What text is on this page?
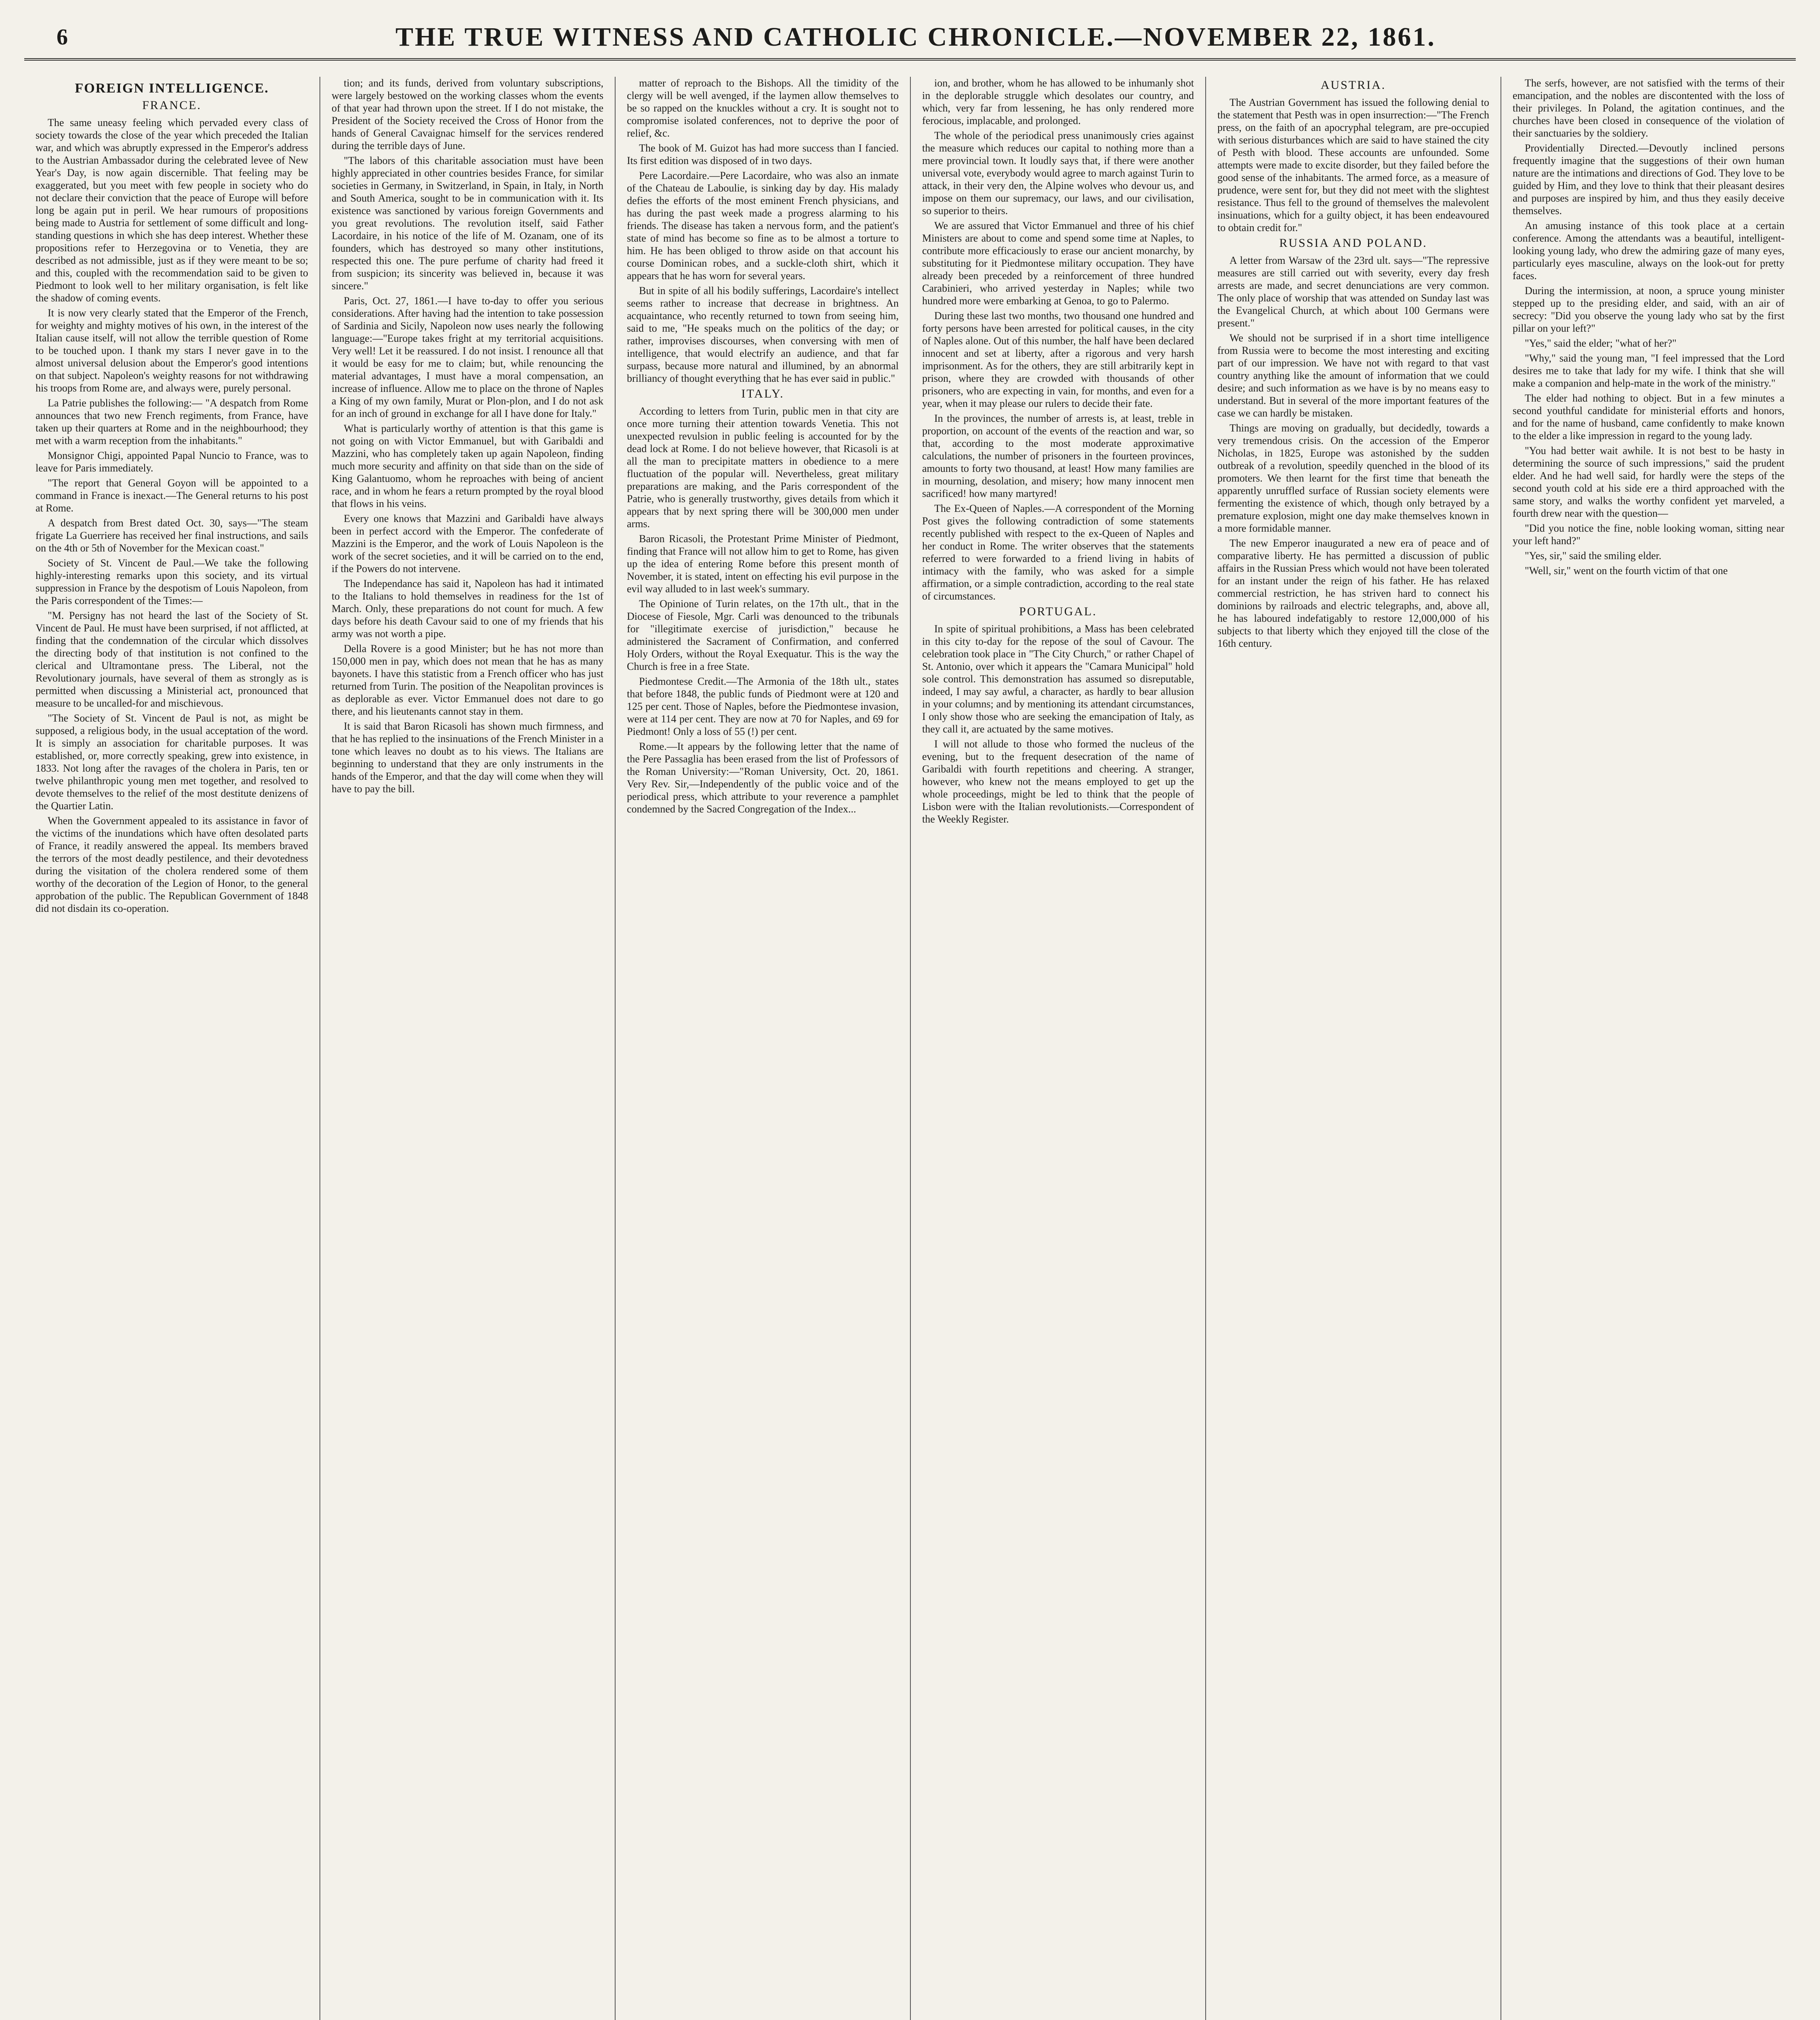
6	THE TRUE WITNESS AND CATHOLIC CHRONICLE.—NOVEMBER 22, 1861.
FOREIGN INTELLIGENCE.
FRANCE.

The same uneasy feeling which pervaded every class of society towards the close of the year which preceded the Italian war, and which was abruptly expressed in the Emperor's address to the Austrian Ambassador during the celebrated levee of New Year's Day, is now again discernible. That feeling may be exaggerated, but you meet with few people in society who do not declare their conviction that the peace of Europe will before long be again put in peril. We hear rumours of propositions being made to Austria for settlement of some difficult and long-standing questions in which she has deep interest. Whether these propositions refer to Herzegovina or to Venetia, they are described as not admissible, just as if they were meant to be so; and this, coupled with the recommendation said to be given to Piedmont to look well to her military organisation, is felt like the shadow of coming events.

It is now very clearly stated that the Emperor of the French, for weighty and mighty motives of his own, in the interest of the Italian cause itself, will not allow the terrible question of Rome to be touched upon. I thank my stars I never gave in to the almost universal delusion about the Emperor's good intentions on that subject. Napoleon's weighty reasons for not withdrawing his troops from Rome are, and always were, purely personal.

La Patrie publishes the following:— "A despatch from Rome announces that two new French regiments, from France, have taken up their quarters at Rome and in the neighbourhood; they met with a warm reception from the inhabitants."

Monsignor Chigi, appointed Papal Nuncio to France, was to leave for Paris immediately.

"The report that General Goyon will be appointed to a command in France is inexact.—The General returns to his post at Rome.

A despatch from Brest dated Oct. 30, says—"The steam frigate La Guerriere has received her final instructions, and sails on the 4th or 5th of November for the Mexican coast."

Society of St. Vincent de Paul.—We take the following highly-interesting remarks upon this society, and its virtual suppression in France by the despotism of Louis Napoleon, from the Paris correspondent of the Times:—

"M. Persigny has not heard the last of the Society of St. Vincent de Paul. He must have been surprised, if not afflicted, at finding that the condemnation of the circular which dissolves the directing body of that institution is not confined to the clerical and Ultramontane press. The Liberal, not the Revolutionary journals, have several of them as strongly as is permitted when discussing a Ministerial act, pronounced that measure to be uncalled-for and mischievous.

"The Society of St. Vincent de Paul is not, as might be supposed, a religious body, in the usual acceptation of the word. It is simply an association for charitable purposes. It was established, or, more correctly speaking, grew into existence, in 1833. Not long after the ravages of the cholera in Paris, ten or twelve philanthropic young men met together, and resolved to devote themselves to the relief of the most destitute denizens of the Quartier Latin.

When the Government appealed to its assistance in favor of the victims of the inundations which have often desolated parts of France, it readily answered the appeal. Its members braved the terrors of the most deadly pestilence, and their devotedness during the visitation of the cholera rendered some of them worthy of the decoration of the Legion of Honor, to the general approbation of the public. The Republican Government of 1848 did not disdain its co-operation.

tion; and its funds, derived from voluntary subscriptions, were largely bestowed on the working classes whom the events of that year had thrown upon the street. If I do not mistake, the President of the Society received the Cross of Honor from the hands of General Cavaignac himself for the services rendered during the terrible days of June.

"The labors of this charitable association must have been highly appreciated in other countries besides France, for similar societies in Germany, in Switzerland, in Spain, in Italy, in North and South America, sought to be in communication with it. Its existence was sanctioned by various foreign Governments and you great revolutions. The revolution itself, said Father Lacordaire, in his notice of the life of M. Ozanam, one of its founders, which has destroyed so many other institutions, respected this one. The pure perfume of charity had freed it from suspicion; its sincerity was believed in, because it was sincere."

Paris, Oct. 27, 1861.—I have to-day to offer you serious considerations. After having had the intention to take possession of Sardinia and Sicily, Napoleon now uses nearly the following language:—"Europe takes fright at my territorial acquisitions. Very well! Let it be reassured. I do not insist. I renounce all that it would be easy for me to claim; but, while renouncing the material advantages, I must have a moral compensation, an increase of influence. Allow me to place on the throne of Naples a King of my own family, Murat or Plon-plon, and I do not ask for an inch of ground in exchange for all I have done for Italy."

What is particularly worthy of attention is that this game is not going on with Victor Emmanuel, but with Garibaldi and Mazzini, who has completely taken up again Napoleon, finding much more security and affinity on that side than on the side of King Galantuomo, whom he reproaches with being of ancient race, and in whom he fears a return prompted by the royal blood that flows in his veins.

Every one knows that Mazzini and Garibaldi have always been in perfect accord with the Emperor. The confederate of Mazzini is the Emperor, and the work of Louis Napoleon is the work of the secret societies, and it will be carried on to the end, if the Powers do not intervene.

The Independance has said it, Napoleon has had it intimated to the Italians to hold themselves in readiness for the 1st of March. Only, these preparations do not count for much. A few days before his death Cavour said to one of my friends that his army was not worth a pipe.

Della Rovere is a good Minister; but he has not more than 150,000 men in pay, which does not mean that he has as many bayonets. I have this statistic from a French officer who has just returned from Turin. The position of the Neapolitan provinces is as deplorable as ever. Victor Emmanuel does not dare to go there, and his lieutenants cannot stay in them.

It is said that Baron Ricasoli has shown much firmness, and that he has replied to the insinuations of the French Minister in a tone which leaves no doubt as to his views. The Italians are beginning to understand that they are only instruments in the hands of the Emperor, and that the day will come when they will have to pay the bill.

matter of reproach to the Bishops. All the timidity of the clergy will be well avenged, if the laymen allow themselves to be so rapped on the knuckles without a cry. It is sought not to compromise isolated conferences, not to deprive the poor of relief, &c.

The book of M. Guizot has had more success than I fancied. Its first edition was disposed of in two days.

Pere Lacordaire.—Pere Lacordaire, who was also an inmate of the Chateau de Laboulie, is sinking day by day. His malady defies the efforts of the most eminent French physicians, and has during the past week made a progress alarming to his friends. The disease has taken a nervous form, and the patient's state of mind has become so fine as to be almost a torture to him. He has been obliged to throw aside on that account his course Dominican robes, and a suckle-cloth shirt, which it appears that he has worn for several years.

But in spite of all his bodily sufferings, Lacordaire's intellect seems rather to increase that decrease in brightness. An acquaintance, who recently returned to town from seeing him, said to me, "He speaks much on the politics of the day; or rather, improvises discourses, when conversing with men of intelligence, that would electrify an audience, and that far surpass, because more natural and illumined, by an abnormal brilliancy of thought everything that he has ever said in public."

ITALY.

According to letters from Turin, public men in that city are once more turning their attention towards Venetia. This not unexpected revulsion in public feeling is accounted for by the dead lock at Rome. I do not believe however, that Ricasoli is at all the man to precipitate matters in obedience to a mere fluctuation of the popular will. Nevertheless, great military preparations are making, and the Paris correspondent of the Patrie, who is generally trustworthy, gives details from which it appears that by next spring there will be 300,000 men under arms.

Baron Ricasoli, the Protestant Prime Minister of Piedmont, finding that France will not allow him to get to Rome, has given up the idea of entering Rome before this present month of November, it is stated, intent on effecting his evil purpose in the evil way alluded to in last week's summary.

The Opinione of Turin relates, on the 17th ult., that in the Diocese of Fiesole, Mgr. Carli was denounced to the tribunals for "illegitimate exercise of jurisdiction," because he administered the Sacrament of Confirmation, and conferred Holy Orders, without the Royal Exequatur. This is the way the Church is free in a free State.

Piedmontese Credit.—The Armonia of the 18th ult., states that before 1848, the public funds of Piedmont were at 120 and 125 per cent. Those of Naples, before the Piedmontese invasion, were at 114 per cent. They are now at 70 for Naples, and 69 for Piedmont! Only a loss of 55 (!) per cent.

Rome.—It appears by the following letter that the name of the Pere Passaglia has been erased from the list of Professors of the Roman University:—"Roman University, Oct. 20, 1861. Very Rev. Sir,—Independently of the public voice and of the periodical press, which attribute to your reverence a pamphlet condemned by the Sacred Congregation of the Index...

ion, and brother, whom he has allowed to be inhumanly shot in the deplorable struggle which desolates our country, and which, very far from lessening, he has only rendered more ferocious, implacable, and prolonged.

The whole of the periodical press unanimously cries against the measure which reduces our capital to nothing more than a mere provincial town. It loudly says that, if there were another universal vote, everybody would agree to march against Turin to attack, in their very den, the Alpine wolves who devour us, and impose on them our supremacy, our laws, and our civilisation, so superior to theirs.

We are assured that Victor Emmanuel and three of his chief Ministers are about to come and spend some time at Naples, to contribute more efficaciously to erase our ancient monarchy, by substituting for it Piedmontese military occupation. They have already been preceded by a reinforcement of three hundred Carabinieri, who arrived yesterday in Naples; while two hundred more were embarking at Genoa, to go to Palermo.

During these last two months, two thousand one hundred and forty persons have been arrested for political causes, in the city of Naples alone. Out of this number, the half have been declared innocent and set at liberty, after a rigorous and very harsh imprisonment. As for the others, they are still arbitrarily kept in prison, where they are crowded with thousands of other prisoners, who are expecting in vain, for months, and even for a year, when it may please our rulers to decide their fate.

In the provinces, the number of arrests is, at least, treble in proportion, on account of the events of the reaction and war, so that, according to the most moderate approximative calculations, the number of prisoners in the fourteen provinces, amounts to forty two thousand, at least! How many families are in mourning, desolation, and misery; how many innocent men sacrificed! how many martyred!

The Ex-Queen of Naples.—A correspondent of the Morning Post gives the following contradiction of some statements recently published with respect to the ex-Queen of Naples and her conduct in Rome. The writer observes that the statements referred to were forwarded to a friend living in habits of intimacy with the family, who was asked for a simple affirmation, or a simple contradiction, according to the real state of circumstances.

PORTUGAL.

In spite of spiritual prohibitions, a Mass has been celebrated in this city to-day for the repose of the soul of Cavour. The celebration took place in "The City Church," or rather Chapel of St. Antonio, over which it appears the "Camara Municipal" hold sole control. This demonstration has assumed so disreputable, indeed, I may say awful, a character, as hardly to bear allusion in your columns; and by mentioning its attendant circumstances, I only show those who are seeking the emancipation of Italy, as they call it, are actuated by the same motives.

I will not allude to those who formed the nucleus of the evening, but to the frequent desecration of the name of Garibaldi with fourth repetitions and cheering. A stranger, however, who knew not the means employed to get up the whole proceedings, might be led to think that the people of Lisbon were with the Italian revolutionists.—Correspondent of the Weekly Register.

AUSTRIA.

The Austrian Government has issued the following denial to the statement that Pesth was in open insurrection:—"The French press, on the faith of an apocryphal telegram, are pre-occupied with serious disturbances which are said to have stained the city of Pesth with blood. These accounts are unfounded. Some attempts were made to excite disorder, but they failed before the good sense of the inhabitants. The armed force, as a measure of prudence, were sent for, but they did not meet with the slightest resistance. Thus fell to the ground of themselves the malevolent insinuations, which for a guilty object, it has been endeavoured to obtain credit for."

RUSSIA AND POLAND.

A letter from Warsaw of the 23rd ult. says—"The repressive measures are still carried out with severity, every day fresh arrests are made, and secret denunciations are very common. The only place of worship that was attended on Sunday last was the Evangelical Church, at which about 100 Germans were present."

We should not be surprised if in a short time intelligence from Russia were to become the most interesting and exciting part of our impression. We have not with regard to that vast country anything like the amount of information that we could desire; and such information as we have is by no means easy to understand. But in several of the more important features of the case we can hardly be mistaken.

Things are moving on gradually, but decidedly, towards a very tremendous crisis. On the accession of the Emperor Nicholas, in 1825, Europe was astonished by the sudden outbreak of a revolution, speedily quenched in the blood of its promoters. We then learnt for the first time that beneath the apparently unruffled surface of Russian society elements were fermenting the existence of which, though only betrayed by a premature explosion, might one day make themselves known in a more formidable manner.

The new Emperor inaugurated a new era of peace and of comparative liberty. He has permitted a discussion of public affairs in the Russian Press which would not have been tolerated for an instant under the reign of his father. He has relaxed commercial restriction, he has striven hard to connect his dominions by railroads and electric telegraphs, and, above all, he has laboured indefatigably to restore 12,000,000 of his subjects to that liberty which they enjoyed till the close of the 16th century.

The serfs, however, are not satisfied with the terms of their emancipation, and the nobles are discontented with the loss of their privileges. In Poland, the agitation continues, and the churches have been closed in consequence of the violation of their sanctuaries by the soldiery.

Providentially Directed.—Devoutly inclined persons frequently imagine that the suggestions of their own human nature are the intimations and directions of God. They love to be guided by Him, and they love to think that their pleasant desires and purposes are inspired by him, and thus they easily deceive themselves.

An amusing instance of this took place at a certain conference. Among the attendants was a beautiful, intelligent-looking young lady, who drew the admiring gaze of many eyes, particularly eyes masculine, always on the look-out for pretty faces.

During the intermission, at noon, a spruce young minister stepped up to the presiding elder, and said, with an air of secrecy: "Did you observe the young lady who sat by the first pillar on your left?"

"Yes," said the elder; "what of her?"

"Why," said the young man, "I feel impressed that the Lord desires me to take that lady for my wife. I think that she will make a companion and help-mate in the work of the ministry."

The elder had nothing to object. But in a few minutes a second youthful candidate for ministerial efforts and honors, and for the name of husband, came confidently to make known to the elder a like impression in regard to the young lady.

"You had better wait awhile. It is not best to be hasty in determining the source of such impressions," said the prudent elder. And he had well said, for hardly were the steps of the second youth cold at his side ere a third approached with the same story, and walks the worthy confident yet marveled, a fourth drew near with the question—

"Did you notice the fine, noble looking woman, sitting near your left hand?"

"Yes, sir," said the smiling elder.

"Well, sir," went on the fourth victim of that one
